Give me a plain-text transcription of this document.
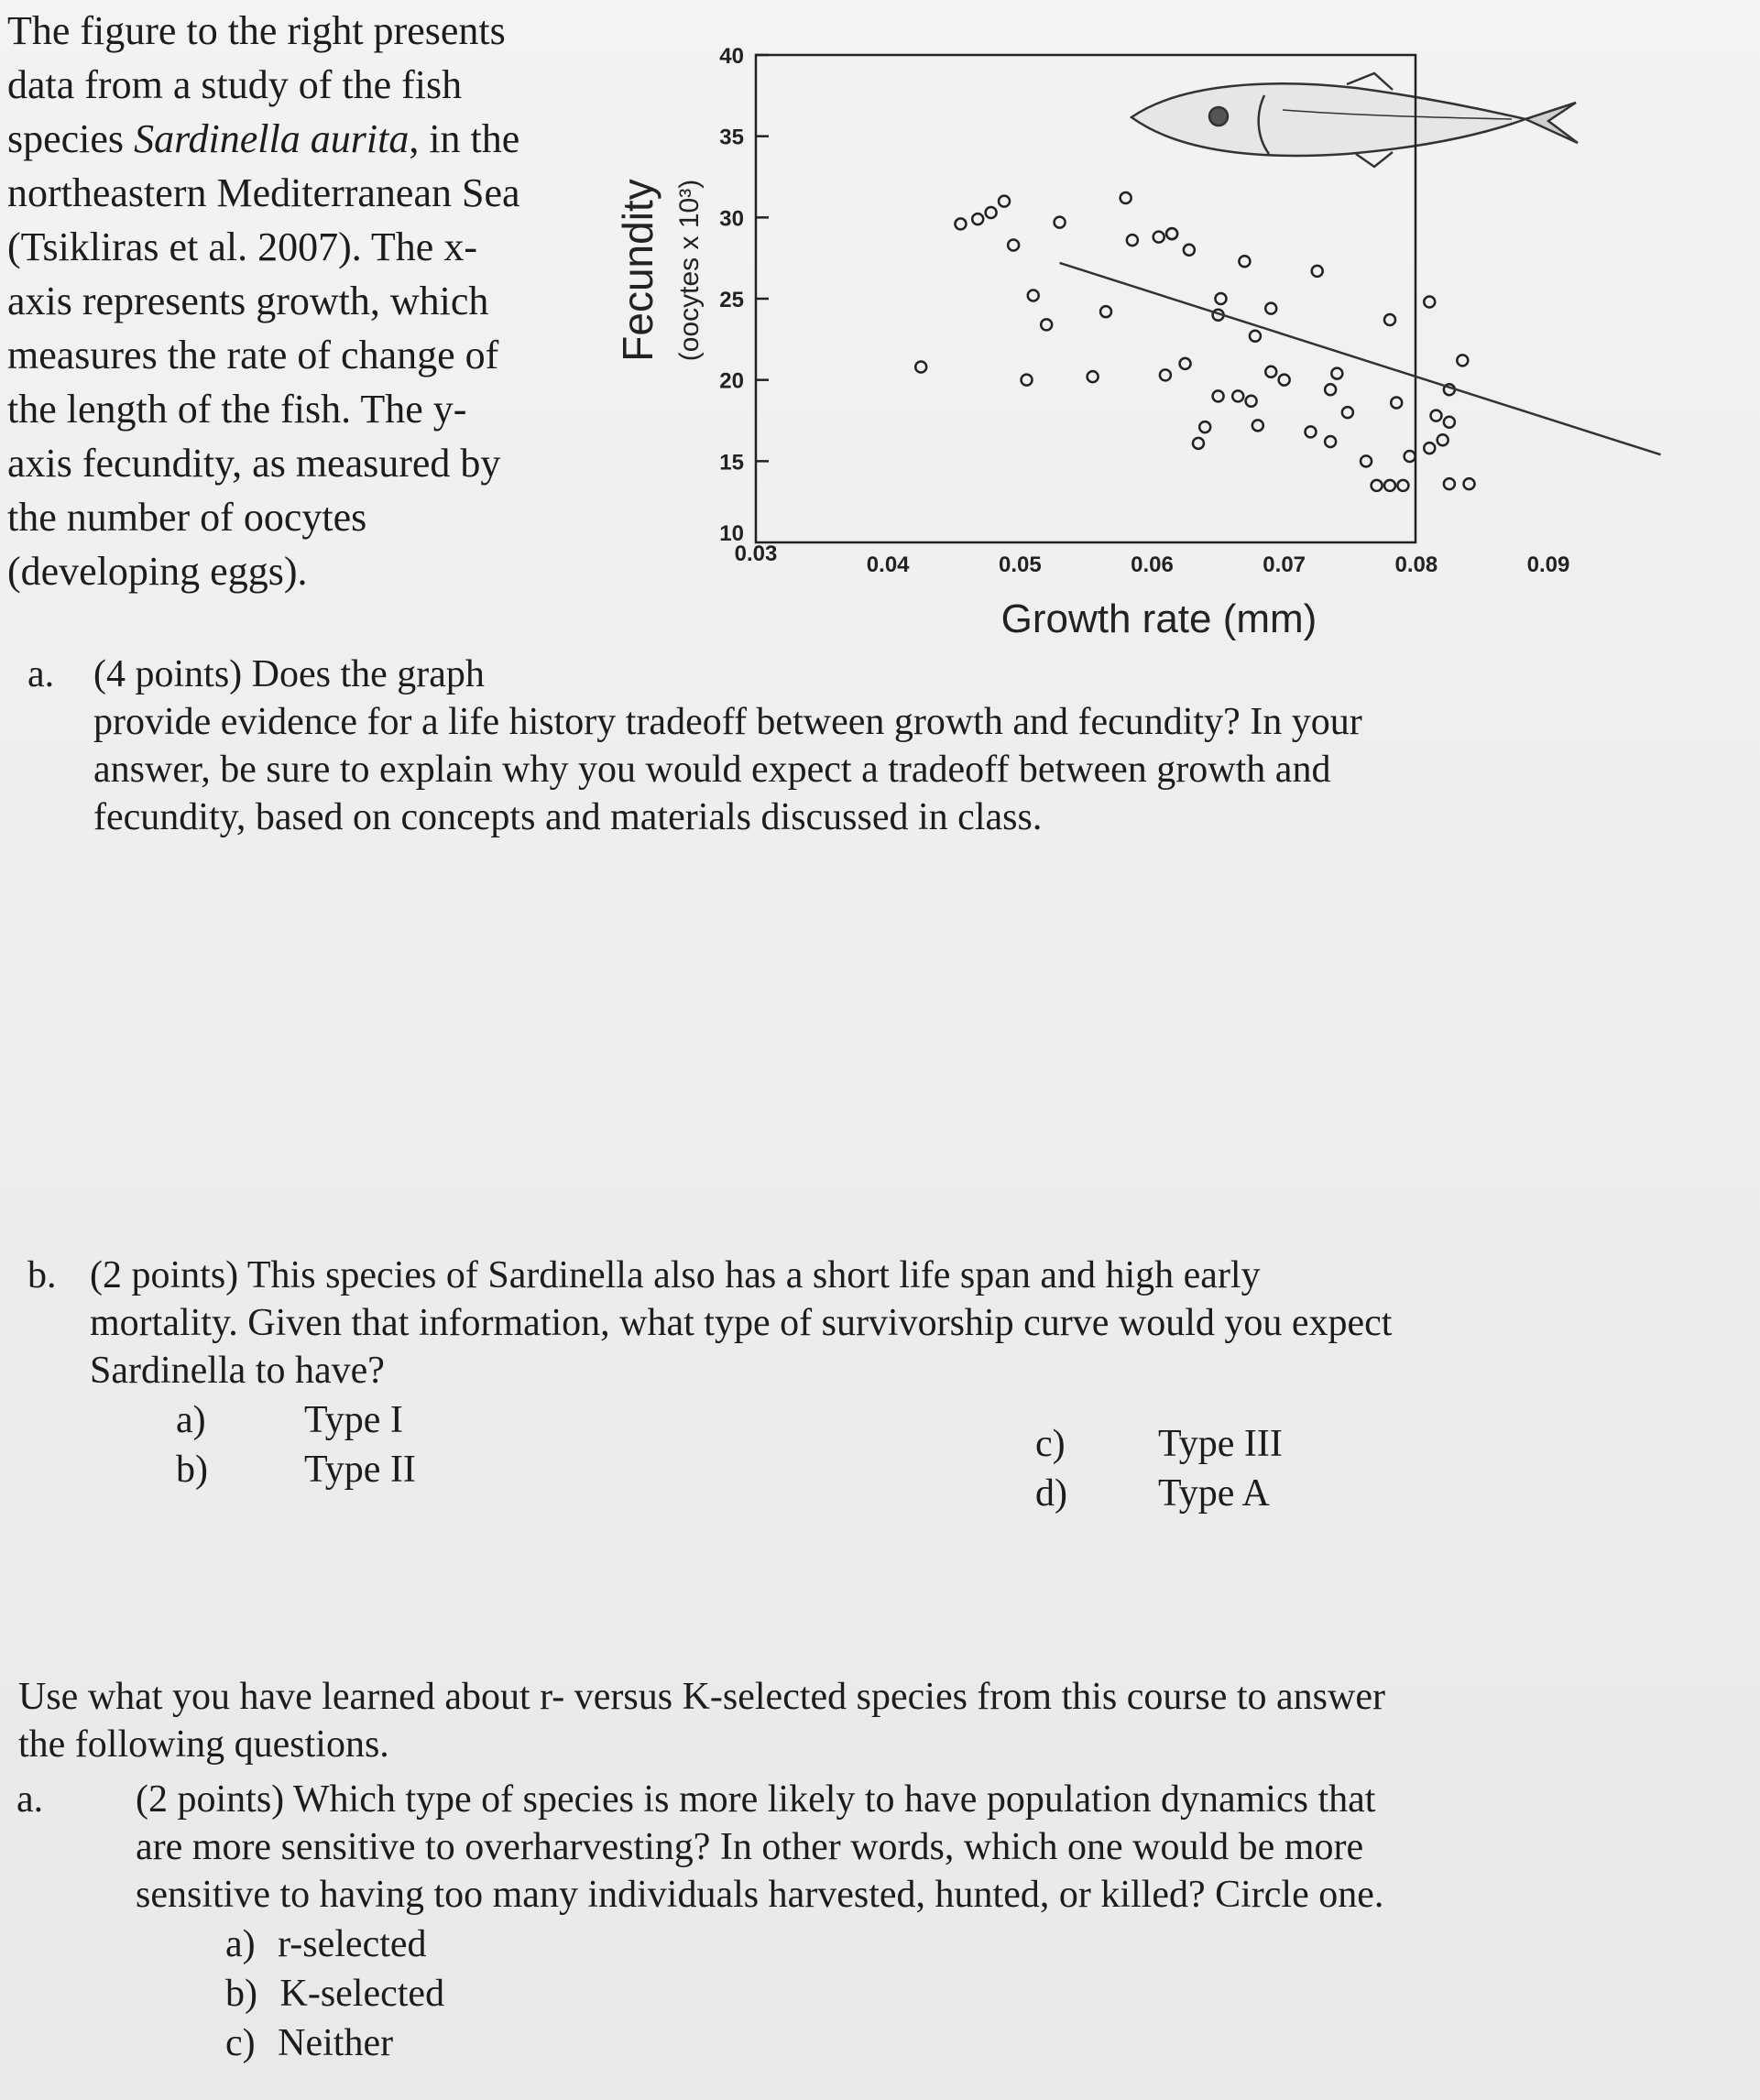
The figure to the right presents
data from a study of the fish
species Sardinella aurita, in the
northeastern Mediterranean Sea
(Tsikliras et al. 2007). The x-
axis represents growth, which
measures the rate of change of
the length of the fish. The y-
axis fecundity, as measured by
the number of oocytes
(developing eggs).
10
15
20
25
30
35
40
0.03	0.04	0.05	0.06	0.07	0.08	0.09
Fecundity (oocytes x 10³)
Growth rate (mm)
a. (4 points) Does the graph
provide evidence for a life history tradeoff between growth and fecundity? In your
answer, be sure to explain why you would expect a tradeoff between growth and
fecundity, based on concepts and materials discussed in class.
b. (2 points) This species of Sardinella also has a short life span and high early
mortality. Given that information, what type of survivorship curve would you expect
Sardinella to have?
a)	Type I
b)	Type II
c) Type III
d) Type A
Use what you have learned about r- versus K-selected species from this course to answer
the following questions.
a. (2 points) Which type of species is more likely to have population dynamics that
are more sensitive to overharvesting? In other words, which one would be more
sensitive to having too many individuals harvested, hunted, or killed? Circle one.
a) r-selected
b) K-selected
c) Neither
